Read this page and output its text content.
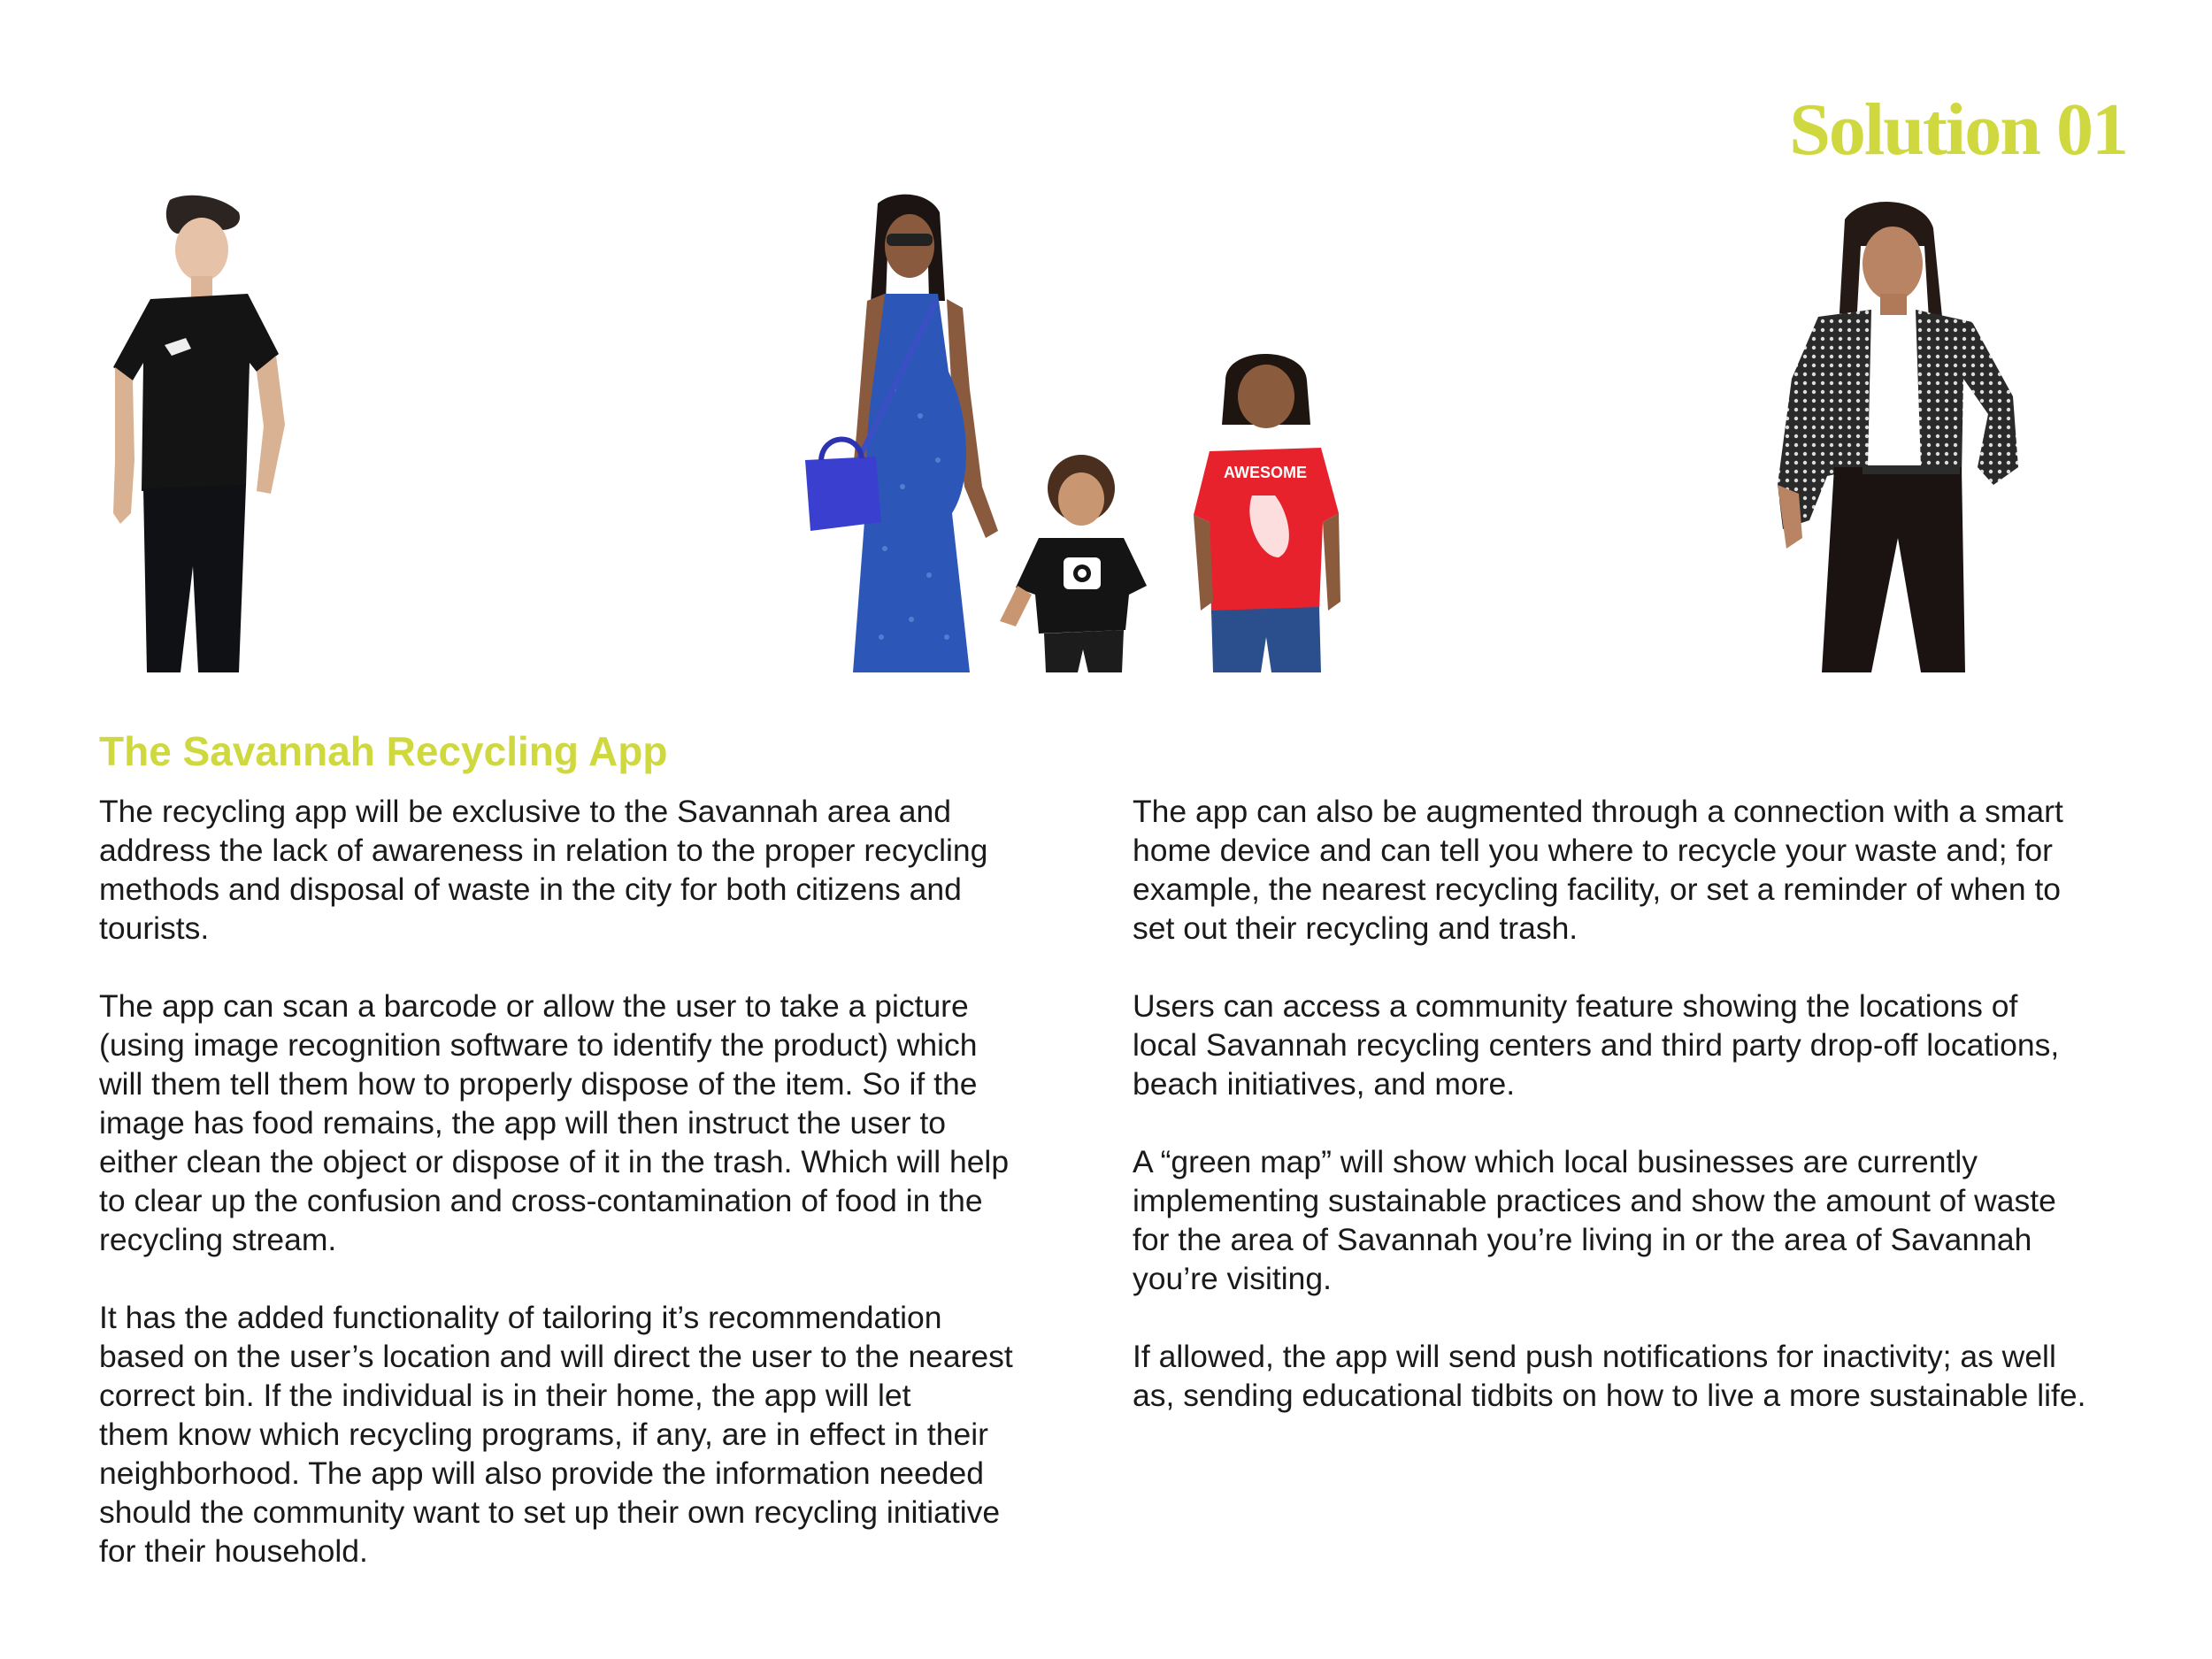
Solution 01
AWESOME
The Savannah Recycling App

The recycling app will be exclusive to the Savannah area and
address the lack of awareness in relation to the proper recycling
methods and disposal of waste in the city for both citizens and
tourists.

The app can scan a barcode or allow the user to take a picture
(using image recognition software to identify the product) which
will them tell them how to properly dispose of the item. So if the
image has food remains, the app will then instruct the user to
either clean the object or dispose of it in the trash. Which will help
to clear up the confusion and cross-contamination of food in the
recycling stream.

It has the added functionality of tailoring it’s recommendation
based on the user’s location and will direct the user to the nearest
correct bin. If the individual is in their home, the app will let
them know which recycling programs, if any, are in effect in their
neighborhood. The app will also provide the information needed
should the community want to set up their own recycling initiative
for their household.

The app can also be augmented through a connection with a smart
home device and can tell you where to recycle your waste and; for
example, the nearest recycling facility, or set a reminder of when to
set out their recycling and trash.

Users can access a community feature showing the locations of
local Savannah recycling centers and third party drop-off locations,
beach initiatives, and more.

A “green map” will show which local businesses are currently
implementing sustainable practices and show the amount of waste
for the area of Savannah you’re living in or the area of Savannah
you’re visiting.

If allowed, the app will send push notifications for inactivity; as well
as, sending educational tidbits on how to live a more sustainable life.
